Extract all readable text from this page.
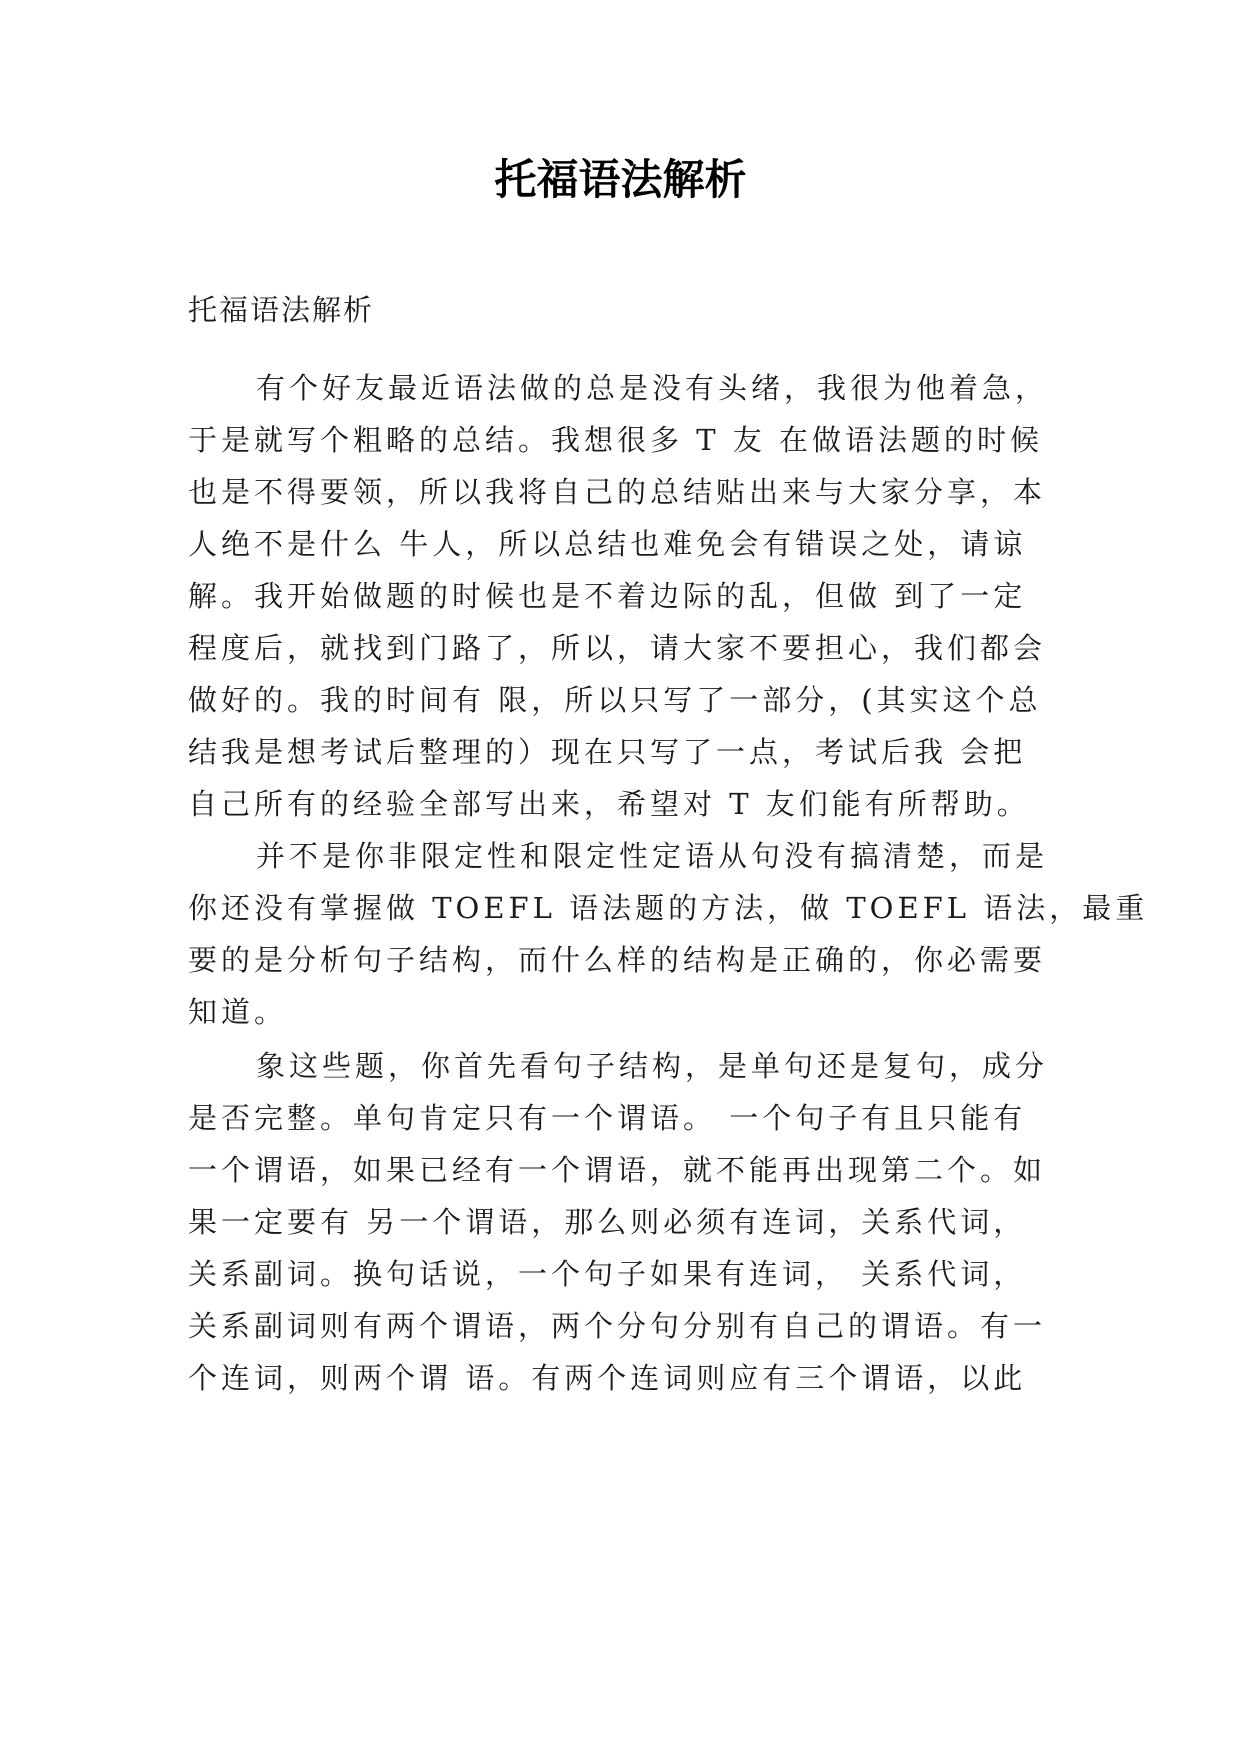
托福语法解析
托福语法解析
有个好友最近语法做的总是没有头绪，我很为他着急，
于是就写个粗略的总结。我想很多 T 友 在做语法题的时候
也是不得要领，所以我将自己的总结贴出来与大家分享，本
人绝不是什么 牛人，所以总结也难免会有错误之处，请谅
解。我开始做题的时候也是不着边际的乱，但做 到了一定
程度后，就找到门路了，所以，请大家不要担心，我们都会
做好的。我的时间有 限，所以只写了一部分，(其实这个总
结我是想考试后整理的）现在只写了一点，考试后我 会把
自己所有的经验全部写出来，希望对 T 友们能有所帮助。
并不是你非限定性和限定性定语从句没有搞清楚，而是
你还没有掌握做 TOEFL 语法题的方法，做 TOEFL 语法，最重
要的是分析句子结构，而什么样的结构是正确的，你必需要
知道。
象这些题，你首先看句子结构，是单句还是复句，成分
是否完整。单句肯定只有一个谓语。 一个句子有且只能有
一个谓语，如果已经有一个谓语，就不能再出现第二个。如
果一定要有 另一个谓语，那么则必须有连词，关系代词，
关系副词。换句话说，一个句子如果有连词， 关系代词，
关系副词则有两个谓语，两个分句分别有自己的谓语。有一
个连词，则两个谓 语。有两个连词则应有三个谓语，以此
